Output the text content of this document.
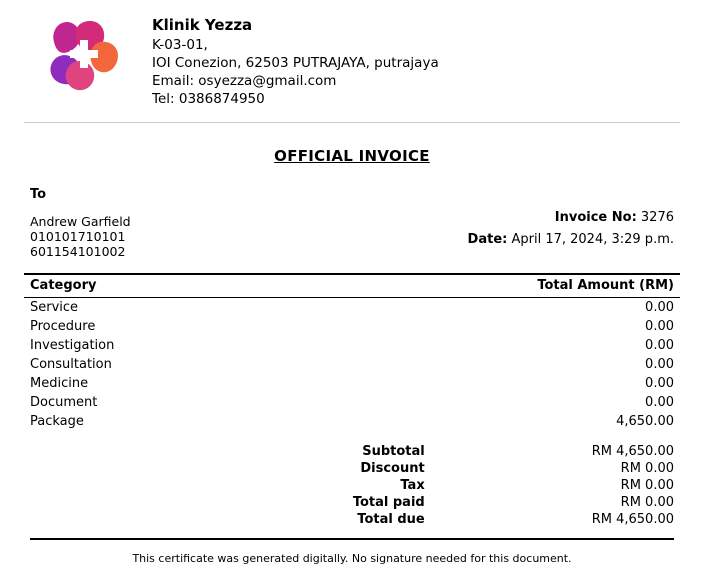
Klinik Yezza
K-03-01,
IOI Conezion, 62503 PUTRAJAYA, putrajaya
Email: osyezza@gmail.com
Tel: 0386874950
OFFICIAL INVOICE
To
Andrew Garfield
010101710101
601154101002
Invoice No: 3276
Date: April 17, 2024, 3:29 p.m.
Category	Total Amount (RM)
Service	0.00
Procedure	0.00
Investigation	0.00
Consultation	0.00
Medicine	0.00
Document	0.00
Package	4,650.00
Subtotal	RM 4,650.00
Discount	RM 0.00
Tax	RM 0.00
Total paid	RM 0.00
Total due	RM 4,650.00
This certificate was generated digitally. No signature needed for this document.
